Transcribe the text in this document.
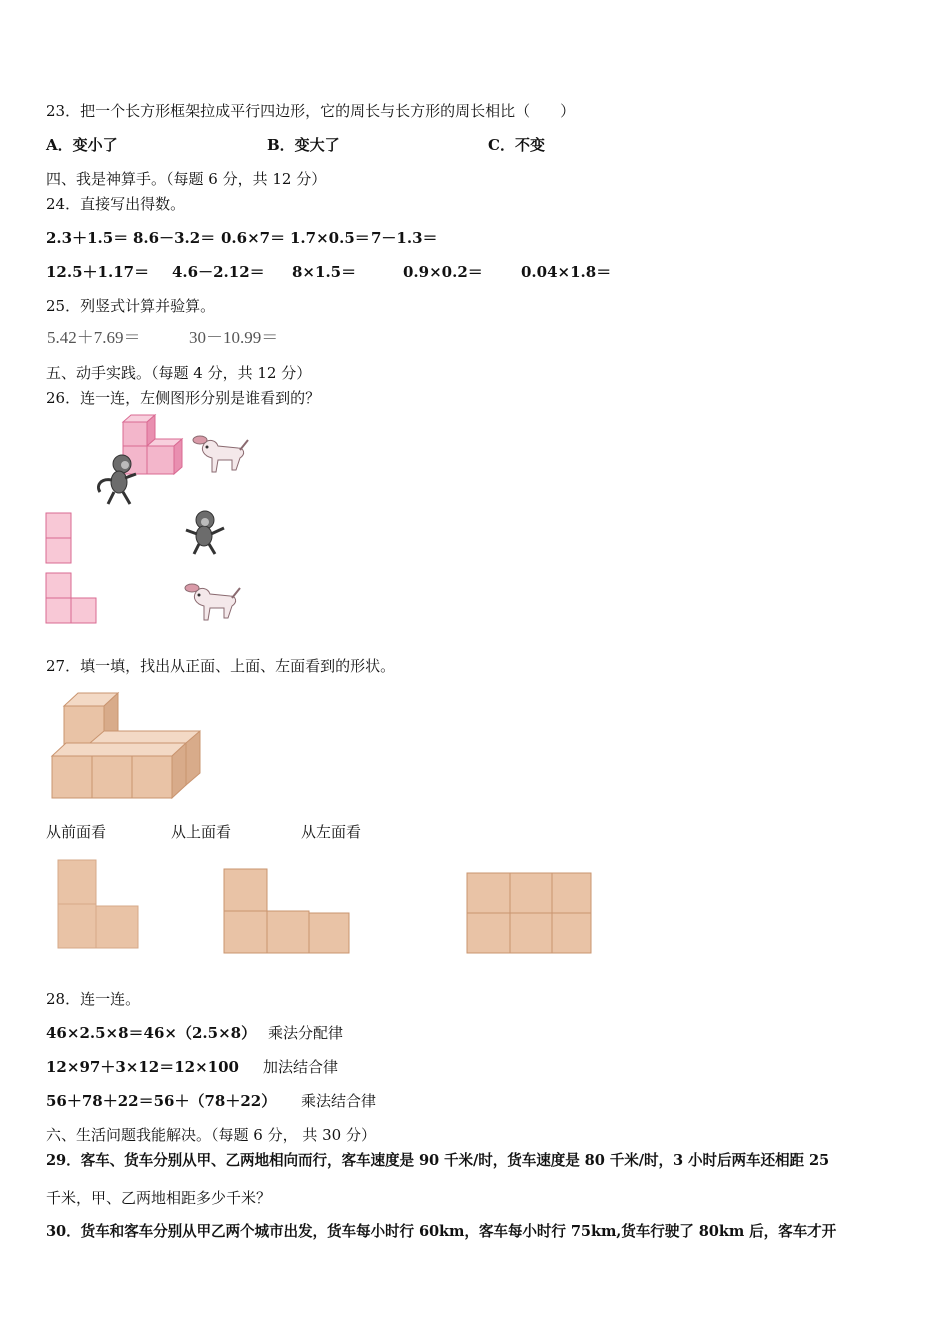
23．把一个长方形框架拉成平行四边形，它的周长与长方形的周长相比（　　）
A．变小了	B．变大了	C．不变
四、我是神算手。（每题 6 分，共 12 分）
24．直接写出得数。
2.3＋1.5＝ 8.6－3.2＝ 0.6×7＝ 1.7×0.5＝ 7－1.3＝
12.5＋1.17＝ 4.6－2.12＝ 8×1.5＝	0.9×0.2＝	0.04×1.8＝
25．列竖式计算并验算。
5.42＋7.69＝	30－10.99＝
五、动手实践。（每题 4 分，共 12 分）
26．连一连，左侧图形分别是谁看到的？
27．填一填，找出从正面、上面、左面看到的形状。
从前面看	从上面看	从左面看
28．连一连。
46×2.5×8＝46×（2.5×8） 乘法分配律
12×97＋3×12＝12×100 加法结合律
56＋78＋22＝56＋（78＋22） 乘法结合律
六、生活问题我能解决。（每题 6 分， 共 30 分）
29．客车、货车分别从甲、乙两地相向而行，客车速度是 90 千米/时，货车速度是 80 千米/时，3 小时后两车还相距 25
千米，甲、乙两地相距多少千米？
30．货车和客车分别从甲乙两个城市出发，货车每小时行 60km，客车每小时行 75km,货车行驶了 80km 后，客车才开
